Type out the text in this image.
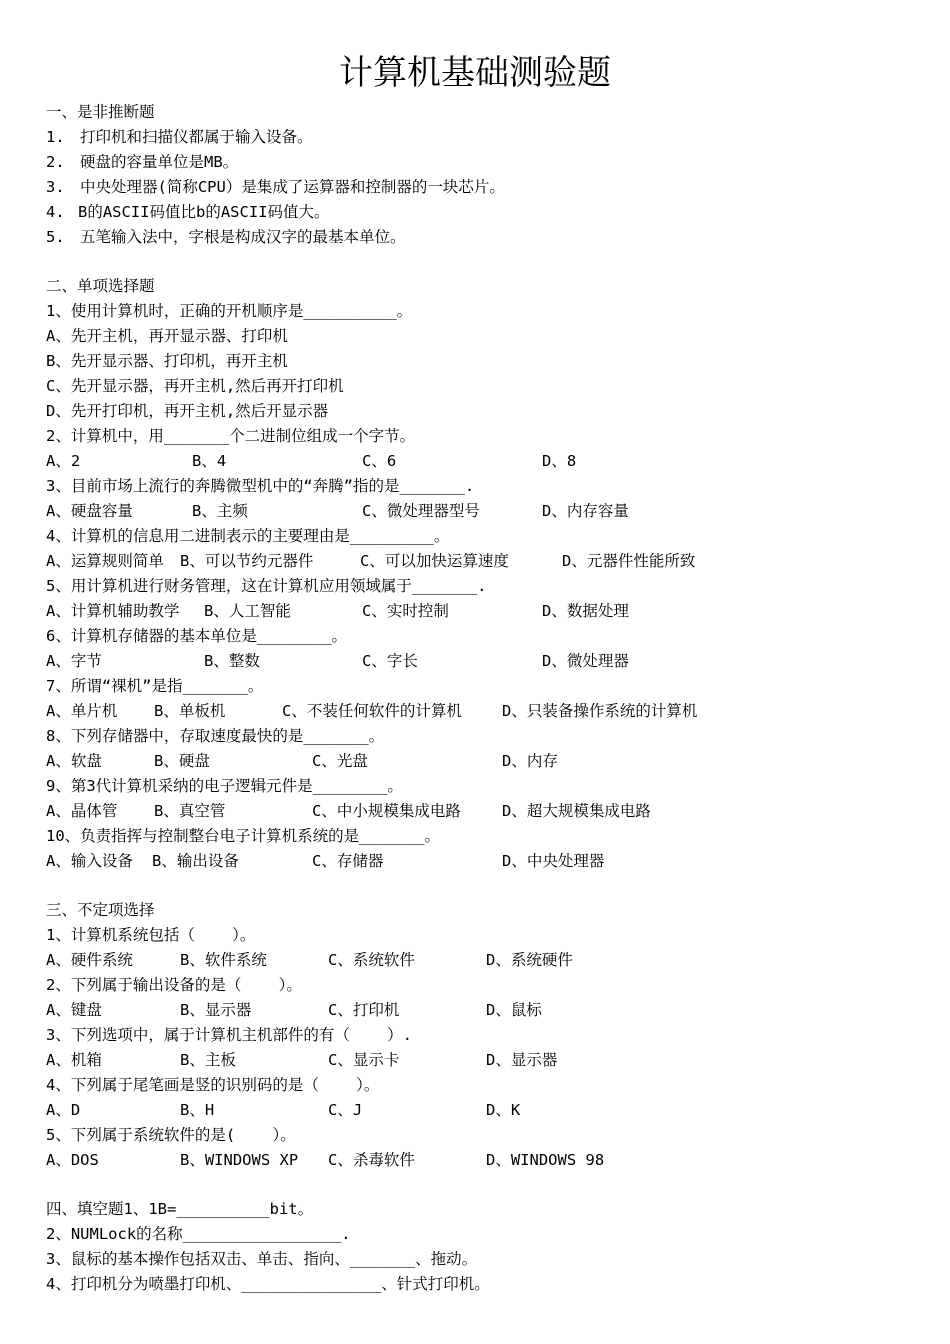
计算机基础测验题
一、是非推断题

1.

打印机和扫描仪都属于输入设备。

2.

硬盘的容量单位是MB。

3.

中央处理器(简称CPU）是集成了运算器和控制器的一块芯片。

4.

B的ASCII码值比b的ASCII码值大。

5.

五笔输入法中，字根是构成汉字的最基本单位。

二、单项选择题
1、使用计算机时，正确的开机顺序是__________。
A、先开主机，再开显示器、打印机
B、先开显示器、打印机，再开主机
C、先开显示器，再开主机,然后再开打印机
D、先开打印机，再开主机,然后开显示器
2、计算机中，用_______个二进制位组成一个字节。

A、2

	B、4

	C、6

	D、8

3、目前市场上流行的奔腾微型机中的“奔腾”指的是_______.

A、硬盘容量

	B、主频

	C、微处理器型号

	D、内存容量

4、计算机的信息用二进制表示的主要理由是_________。

A、运算规则简单

B、可以节约元器件

	C、可以加快运算速度

	D、元器件性能所致

5、用计算机进行财务管理，这在计算机应用领域属于_______.

A、计算机辅助教学

B、人工智能

	C、实时控制

	D、数据处理

6、计算机存储器的基本单位是________。

A、字节

	B、整数

	C、字长

	D、微处理器

7、所谓“裸机”是指_______。

A、单片机

B、单板机

	C、不装任何软件的计算机

	D、只装备操作系统的计算机

8、下列存储器中，存取速度最快的是_______。

A、软盘

	B、硬盘

	C、光盘

	D、内存

9、第3代计算机采纳的电子逻辑元件是________。

A、晶体管

B、真空管

	C、中小规模集成电路

	D、超大规模集成电路

10、负责指挥与控制整台电子计算机系统的是_______。

A、输入设备

B、输出设备

	C、存储器

	D、中央处理器

三、不定项选择
1、计算机系统包括（    ）。

A、硬件系统

	B、软件系统

	C、系统软件

	D、系统硬件

2、下列属于输出设备的是（    ）。

A、键盘

	B、显示器

	C、打印机

	D、鼠标

3、下列选项中，属于计算机主机部件的有（    ）.

A、机箱

	B、主板

	C、显示卡

	D、显示器

4、下列属于尾笔画是竖的识别码的是（    ）。

A、D

	B、H

	C、J

	D、K

5、下列属于系统软件的是(    ）。

A、DOS

	B、WINDOWS XP

C、杀毒软件

	D、WINDOWS 98

四、填空题1、1B=__________bit。
2、NUMLock的名称_________________.
3、鼠标的基本操作包括双击、单击、指向、_______、拖动。
4、打印机分为喷墨打印机、_______________、针式打印机。
